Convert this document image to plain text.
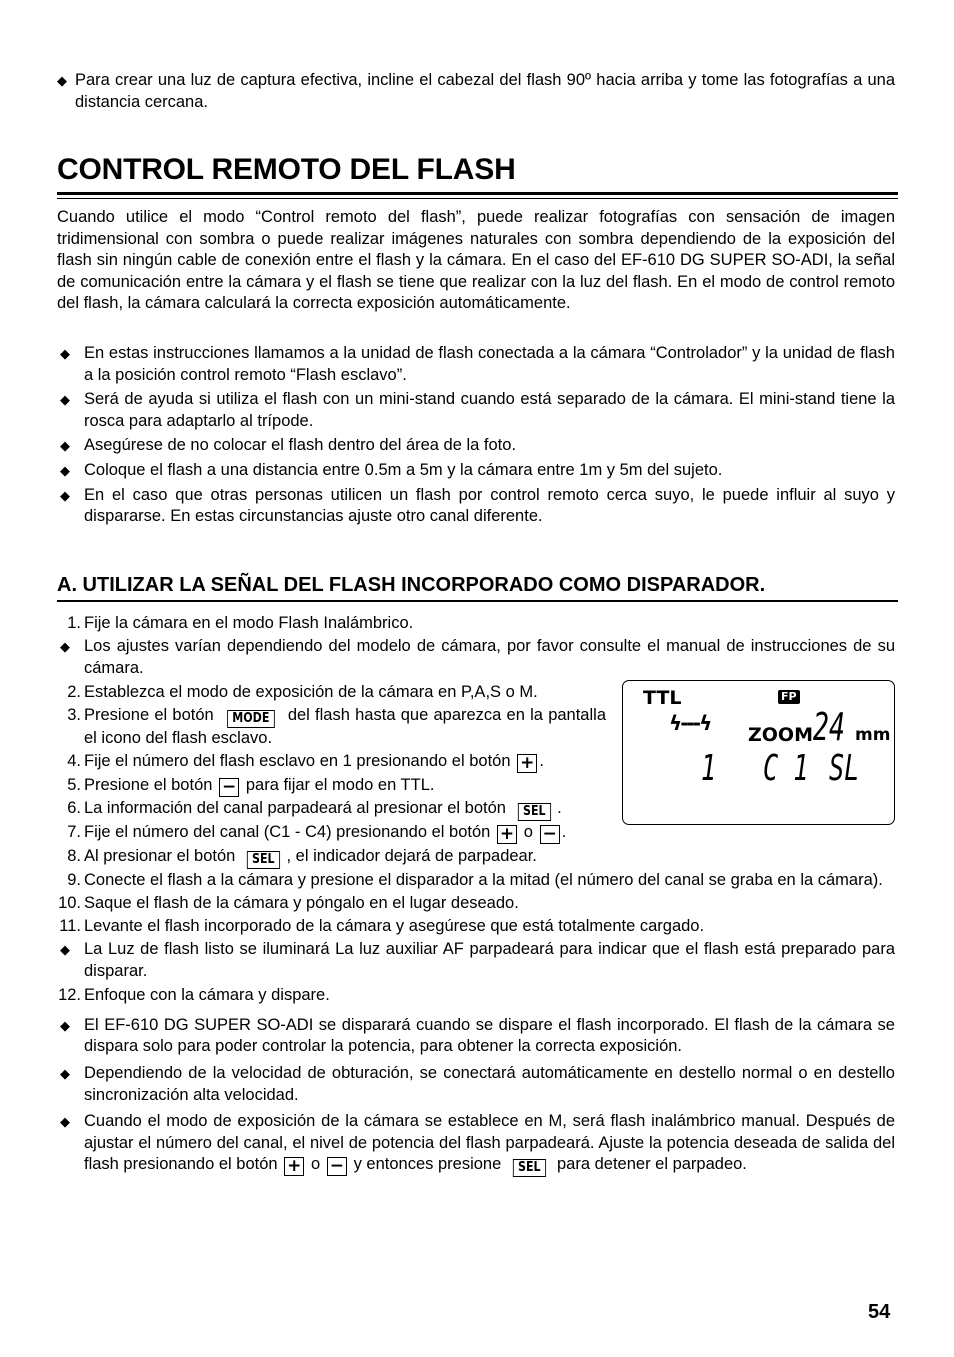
◆ Para crear una luz de captura efectiva, incline el cabezal del flash 90º hacia arriba y tome las fotografías a una distancia cercana.
CONTROL REMOTO DEL FLASH
Cuando utilice el modo “Control remoto del flash”, puede realizar fotografías con sensación de imagen tridimensional con sombra o puede realizar imágenes naturales con sombra dependiendo de la exposición del flash sin ningún cable de conexión entre el flash y la cámara. En el caso del EF-610 DG SUPER SO-ADI, la señal de comunicación entre la cámara y el flash se tiene que realizar con la luz del flash. En el modo de control remoto del flash, la cámara calculará la correcta exposición automáticamente.
◆ En estas instrucciones llamamos a la unidad de flash conectada a la cámara “Controlador” y la unidad de flash a la posición control remoto “Flash esclavo”.
◆ Será de ayuda si utiliza el flash con un mini-stand cuando está separado de la cámara. El mini-stand tiene la rosca para adaptarlo al trípode.
◆ Asegúrese de no colocar el flash dentro del área de la foto.
◆ Coloque el flash a una distancia entre 0.5m a 5m y la cámara entre 1m y 5m del sujeto.
◆ En el caso que otras personas utilicen un flash por control remoto cerca suyo, le puede influir al suyo y dispararse. En estas circunstancias ajuste otro canal diferente.
A. UTILIZAR LA SEÑAL DEL FLASH INCORPORADO COMO DISPARADOR.
1. Fije la cámara en el modo Flash Inalámbrico.
◆ Los ajustes varían dependiendo del modelo de cámara, por favor consulte el manual de instrucciones de su cámara.
TTL	FP
ϟ---ϟ ZOOM 24 mm
1 C 1 SL
2. Establezca el modo de exposición de la cámara en P,A,S o M.
3. Presione el botón MODE del flash hasta que aparezca en la pantalla el icono del flash esclavo.
4. Fije el número del flash esclavo en 1 presionando el botón + .
5. Presione el botón − para fijar el modo en TTL.
6. La información del canal parpadeará al presionar el botón SEL .
7. Fije el número del canal (C1 - C4) presionando el botón + o − .
8. Al presionar el botón SEL , el indicador dejará de parpadear.
9. Conecte el flash a la cámara y presione el disparador a la mitad (el número del canal se graba en la cámara).
10. Saque el flash de la cámara y póngalo en el lugar deseado.
11. Levante el flash incorporado de la cámara y asegúrese que está totalmente cargado.
◆ La Luz de flash listo se iluminará La luz auxiliar AF parpadeará para indicar que el flash está preparado para disparar.
12. Enfoque con la cámara y dispare.
◆ El EF-610 DG SUPER SO-ADI se disparará cuando se dispare el flash incorporado. El flash de la cámara se dispara solo para poder controlar la potencia, para obtener la correcta exposición.
◆ Dependiendo de la velocidad de obturación, se conectará automáticamente en destello normal o en destello sincronización alta velocidad.
◆ Cuando el modo de exposición de la cámara se establece en M, será flash inalámbrico manual. Después de ajustar el número del canal, el nivel de potencia del flash parpadeará. Ajuste la potencia deseada de salida del flash presionando el botón + o − y entonces presione SEL para detener el parpadeo.
54
